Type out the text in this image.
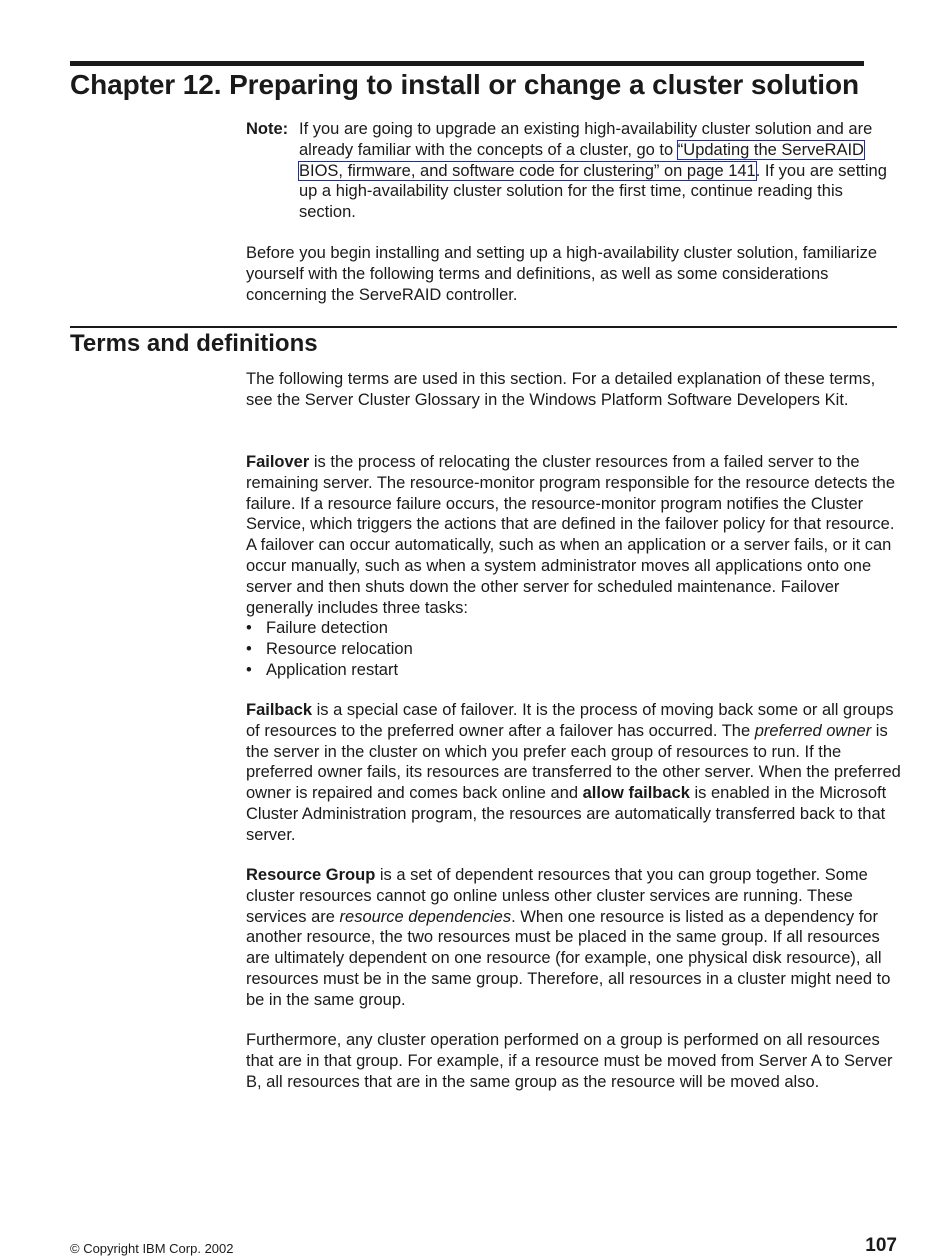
Chapter 12. Preparing to install or change a cluster solution
Note: If you are going to upgrade an existing high-availability cluster solution and are already familiar with the concepts of a cluster, go to “Updating the ServeRAID BIOS, firmware, and software code for clustering” on page 141. If you are setting up a high-availability cluster solution for the first time, continue reading this section.

Before you begin installing and setting up a high-availability cluster solution, familiarize yourself with the following terms and definitions, as well as some considerations concerning the ServeRAID controller.

Terms and definitions

The following terms are used in this section. For a detailed explanation of these terms, see the Server Cluster Glossary in the Windows Platform Software Developers Kit.

Failover is the process of relocating the cluster resources from a failed server to the remaining server. The resource-monitor program responsible for the resource detects the failure. If a resource failure occurs, the resource-monitor program notifies the Cluster Service, which triggers the actions that are defined in the failover policy for that resource. A failover can occur automatically, such as when an application or a server fails, or it can occur manually, such as when a system administrator moves all applications onto one server and then shuts down the other server for scheduled maintenance. Failover generally includes three tasks:

• Failure detection
• Resource relocation
• Application restart

Failback is a special case of failover. It is the process of moving back some or all groups of resources to the preferred owner after a failover has occurred. The preferred owner is the server in the cluster on which you prefer each group of resources to run. If the preferred owner fails, its resources are transferred to the other server. When the preferred owner is repaired and comes back online and allow failback is enabled in the Microsoft Cluster Administration program, the resources are automatically transferred back to that server.

Resource Group is a set of dependent resources that you can group together. Some cluster resources cannot go online unless other cluster services are running. These services are resource dependencies. When one resource is listed as a dependency for another resource, the two resources must be placed in the same group. If all resources are ultimately dependent on one resource (for example, one physical disk resource), all resources must be in the same group. Therefore, all resources in a cluster might need to be in the same group.

Furthermore, any cluster operation performed on a group is performed on all resources that are in that group. For example, if a resource must be moved from Server A to Server B, all resources that are in the same group as the resource will be moved also.

© Copyright IBM Corp. 2002	107
